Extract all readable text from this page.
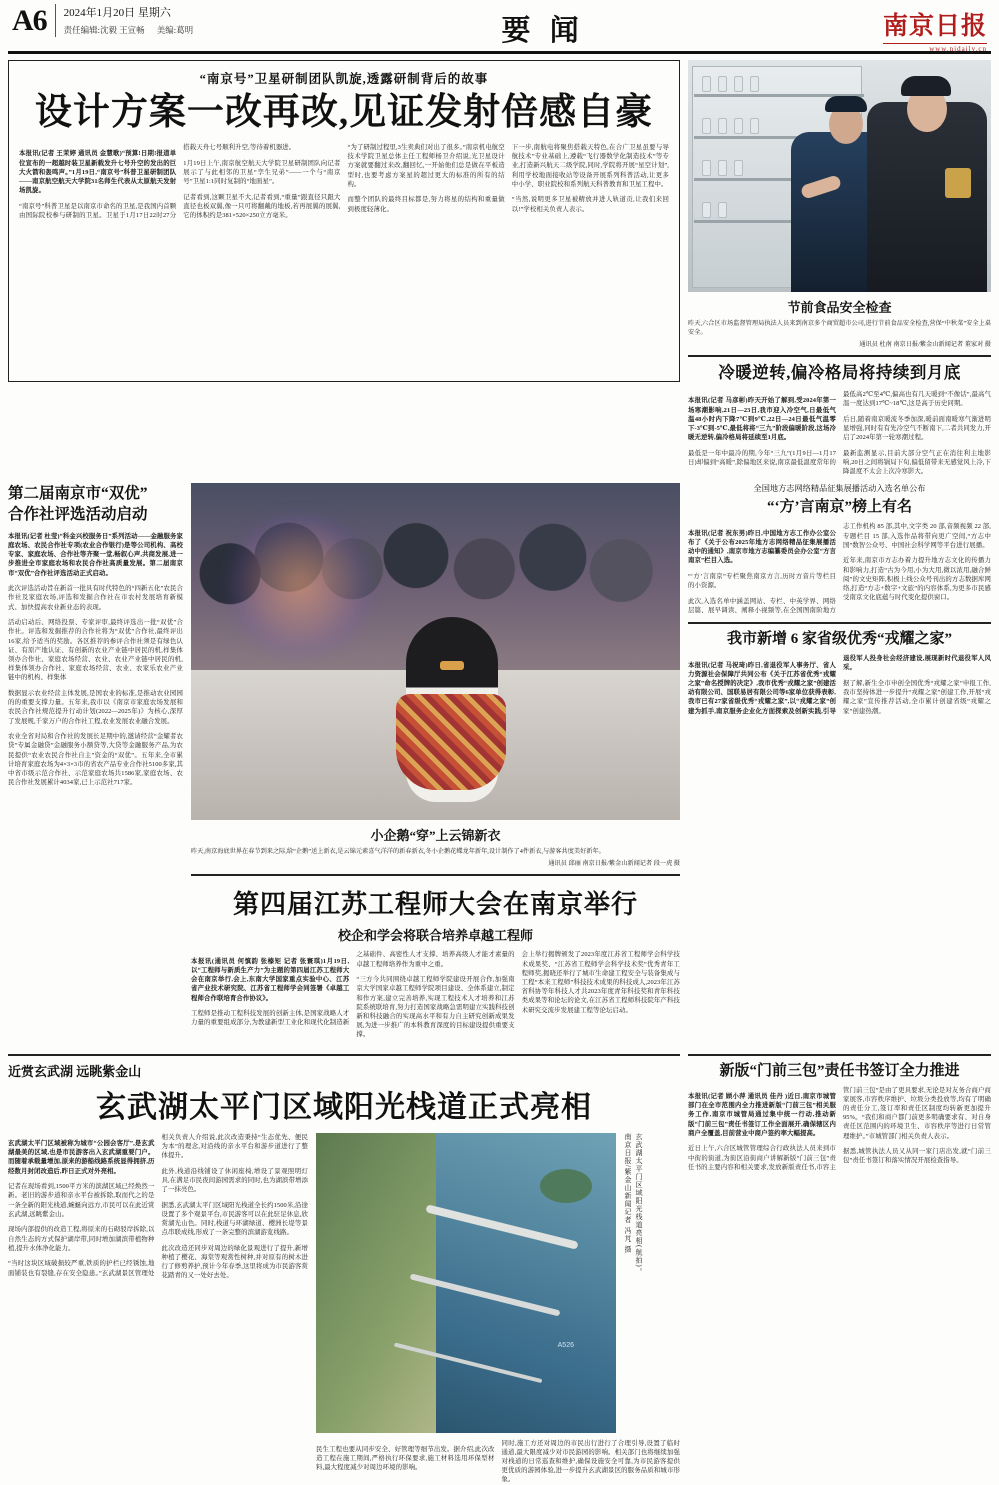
A6	2024年1月20日 星期六
责任编辑:沈毅 王宣畅 美编:葛明	要 闻	南京日报
www.njdaily.cn
“南京号”卫星研制团队凯旋,透露研制背后的故事
设计方案一改再改,见证发射倍感自豪

本报讯(记者 王茉婷 通讯员 金慧歌)“预算!日期!报道单位宣布的一超越时装卫星新载发升七号升空的发出的巨大火箭和轰鸣声。”1月19日,“南京号”科普卫星研制团队——南京航空航天大学院31名师生代表从太原航天发射场凯旋。

“南京号”科普卫星是以南京市命名的卫星,是我国内首颗由国际院校参与研制的卫星。卫星于1月17日22时27分搭载天舟七号顺利升空,等待着机器进。

1月19日上午,南京航空航天大学院卫星研制团队向记者展示了与此相邻的卫星“孪生兄弟”——一个与“南京号”卫星1:1同时复制的“地面星”。

记者看到,这颗卫星不大,记者看到,“重量”跟直径只跟大直径也板双翼,像一只可将翻戴的地板,若再展翼的展翼,它的体积约是381×520×250立方毫米。

“为了研制过程里,3生卖典们对出了很多。”南京机电航空技术学院卫星总体主任工程师杨卫介绍说,光卫星设计方案就要翻过来改,翻回忆,一开始他们总是做在平板造型时,也要考虑方案星的超过更大的标准的所有的结构。

而整个团队的最终目标都是,努力将星的结构和重量做到极度轻薄化。

下一步,南航电将聚焦搭载天特色,在合广卫星虽要与导航技术”专业基础上,遵载“飞行器数学化制造技术”等专业,打造新兴航天二级学院,同时,学院将开展“星空计划”,利用学校地面接收站等设备开展系列科普活动,让更多中小学、职业院校和系列航天科普教育和卫星工程中。

“当然,说明更多卫星被精放并进人轨道贡,让我们来回以!”学校相关负责人表示。

节前食品安全检查
昨天,六合区市场监督管理局执法人员来到南京多个商贸超市公司,进行节前食品安全检查,营保“中秋菜”安全上桌安全。
通讯员 杜南 南京日报/紫金山新闻记者 董家对 摄
冷暖逆转,偏冷格局将持续到月底

本报讯(记者 马彦彬)昨天开始了解到,受2024年第一场寒潮影响,21日—23日,我市迎入冷空气,日最低气温48小时内下降7℃到9℃,22日—24日最低气温零下-3℃到-5℃,最低将将“三九”阶段偏暖阶段,这场冷暖无逆转,偏冷格局将延续至1月底。

最低是一年中最冷的期,今年“三九”(1月9日—1月17日)却偏到“高暖”,除偏地区来说,南京最低温度常年的最低高2℃至4℃,偏高也有几天暖到“不像话”,最高气温一度达到17℃~18℃,这是高于历史同期。

后日,随着南京暖流冬季加深,暖前面南暖寒气渐进明显增强,同时有有先冷空气不断南下,二者共同发力,开启了2024年第一轮寒潮过程。

最新监测显示,目前大部分空气正在消往利主地影响,20日之间将锅局下旬,偏低留带来无感觉风上冷,下降温度不太会上次冷寒影大。

第二届南京市“双优”
合作社评选活动启动

本报讯(记者 杜莹)“科金兴校服务日”系列活动——金融服务家庭农场、农民合作社专项(农业合作银行)是等公司机构、高校专家、家庭农场、合作社等齐聚一堂,畅叙心声,共商发展,进一步推进全市家庭农场和农民合作社高质量发展。第二届南京市“双优”合作社评选活动正式启动。

此次评选活动旨在新首一批具有时代特色的“四新五化”农民合作社及家庭农场,评选和发掘合作社在市农村发展培育新模式、加快提高农业新业态的表现。

活动启动后、网络投票、专家评审,最终评选出一批“双优”合作社。评选和发掘推荐的合作社将为“双优”合作社,最终评出16家,给予适当的奖励。各区推荐的参评合作社须是有绿色认证、有原产地认证、有创新的农业产业链中居民的机,样集体领办合作社、家庭农场经营、农业、农业产业链中居民的机,样集体领办合作社、家庭农场经营、农业、农家乐农业产业链中的机构、样集体

数据显示农业经营主体发展,是国农业的标准,是推动农业园园的的重要支撑力量。五年来,我市以《南京市家庭农场发展和农民合作社规范提升行动计划(2022—2025年)》为核心,深厚了发展规,千家万户的合作社工程,农业发展农业融合发展。

农业全省对局和合作社的发展长足期中的,邀请经营“金耀者农贷”专属金融贷”金融服务小额贷等,大贷等金融服务产品,为农民提供“农业农民合作社自主”资金的“双优”。五年来,全市累计培育家庭农场为4×3×3市的省农产品专业合作社5100多家,其中省市级示范合作社、示范家庭农场共1586家,家庭农场、农民合作社发展累计4034家,已上示范社717家。

小企鹅“穿”上云锦新衣
昨天,南京海底世界在春节到来之际,给“企鹅”送上新衣,是云锦元素喜气洋洋的新春新衣,冬小企鹅花蝶龙年新年,设计制作了4件新衣,与游客共度美好新年。
通讯员 邱丽 南京日报/紫金山新闻记者 段一虎 摄
第四届江苏工程师大会在南京举行
校企和学会将联合培养卓越工程师

本报讯(通讯员 何慎韵 张榛矩 记者 张寰琪)1月19日,以“工程师与新质生产力”为主题的第四届江苏工程师大会在南京举行,会上,东南大学国家重点实验中心、江苏省产业技术研究院、江苏省工程师学会同签署《卓越工程师合作联培育合作协议》。

工程师是推动工程科技发展的创新主体,是国家战略人才力量的重要组成部分,为教建新型工业化和现代化制造新之基础件、高密性人才支撑、培养高级人才能才素量的卓越工程师培养作为重中之重。

“三方今共同围绕卓越工程师学院建设开展合作,加强南京大学国家卓越工程师学院项目建设、全体系建立,制定和作方案,建立完善培养,实现工程技术人才培养和江苏院系统联培育,努力打造国家战略急需明建立实践科技创新和科技融合的实现高水平和有力自主研究创新成果发展,为进一步推广的本科教育深度的目标建设提供重要支撑。

会上举行揭牌颁发了2023年度江苏省工程师学会科学技术成果奖、“江苏省工程师学会科学技术奖”优秀青年工程师奖,揭晓还举行了城市生命建工程安全与装备集成与工程“本来工程师”科技技术成果的科技成人,2023年江苏省科协等年科技人才共2023年度青年科技奖和青年科技类成果等和论坛的论文,在江苏省工程师科技院年产科技术研究交流步发展建工程等论坛启动。

全国地方志网络精品征集展播活动入选名单公布
“‘方’言南京”榜上有名

本报讯(记者 祝东男)昨日,中国地方志工作办公室公布了《关于公布2025年地方志网络精品征集展播活动中的通知》,南京市地方志编纂委员会办公室“方言南京”栏目入选。

“‘方’言南京”专栏聚焦南京方言,历时方音片等栏目的小资源。

此次,入选名单中涵盖网站、专栏、中英学界、网络层篇、展早调读、阐释小视频等,在全国图南阶地方志工作机构 85 部,其中,文字类 20 部,音频视频 22 部,专题栏目 15 部,入选作品将带向更广空间,“方志中国”数智公众号、中国社会科学网等平台进行展播。

近年来,南京市方志办着力提升地方志文化的传播力和影响力,打造“古为今用,小为大用,微以浓用,融合鲜阅”的文史矩阵,积极上线公众号刊出的方志数据库网络,打造“方志+数字+文旅”的内容体系,为更多市民感受南京文化底蕴与时代变化提供窗口。

我市新增 6 家省级优秀“戎耀之家”

本报讯(记者 马祝琦)昨日,省退役军人事务厅、省人力资源社会保障厅共同公布《关于江苏省优秀“戎耀之家”命名授牌的决定》,我市优秀“戎耀之家”创建活动有限公司、国联易居有限公司等6家单位获得表彰,我市已有27家省级优秀“戎耀之家”,以“戎耀之家”创建为抓手,南京服务企业化方面探索及创新实践,引导退役军人投身社会经济建设,展现新时代退役军人风采。

据了解,新生全市申创全国优秀“戎耀之家”申报工作,我市坚持体进一步提升“戎耀之家”创建工作,开展“戎耀之家”宣传推荐活动,全市累计创建省级“戎耀之家”创建热潮。

近赏玄武湖 远眺紫金山
玄武湖太平门区域阳光栈道正式亮相

玄武湖太平门区域被称为城市“公园会客厅”,是玄武湖最美的区域,也是市民游客出入玄武湖重要门户。而随着承载量增加,原来的游船线路系统显得拥挤,历经数月封闭改造后,昨日正式对外亮相。

记者在现场看到,1500平方米的滨湖区域已经焕然一新。老旧的游步道和亲水平台被拆除,取而代之的是一条全新的阳光栈道,蜿蜒向远方,市民可以在此近赏玄武湖,远眺紫金山。

现场内部提供的改造工程,将原来的石砌驳岸拆除,以自然生态的方式保护湖岸带,同时增加湖滨带植物种植,提升水体净化能力。

“当时这块区域破损较严重,铁质的护栏已经锈蚀,地面铺装也有裂缝,存在安全隐患。”玄武湖景区管理处相关负责人介绍说,此次改造秉持“生态优先、便民为本”的理念,对沿线的亲水平台和游步道进行了整体提升。

此外,栈道沿线铺设了休闲座椅,增设了景观照明灯具,在满足市民夜间游园需求的同时,也为湖滨带增添了一抹亮色。

据悉,玄武湖太平门区域阳光栈道全长约1500米,沿途设置了多个观景平台,市民游客可以在此驻足休息,欣赏湖光山色。同时,栈道与环湖绿道、樱洲长堤等景点串联成线,形成了一条完整的滨湖游览线路。

此次改造还同步对周边的绿化景观进行了提升,新增种植了樱花、海棠等观赏性树种,并对原有的树木进行了修剪养护,预计今年春季,这里将成为市民游客赏花踏青的又一处好去处。

A526
玄武湖太平门区域阳光栈道亮相(航拍)。 南京日报/紫金山新闻记者 冯芃 摄

民生工程也要从同步安全、好管理等细节出发。据介绍,此次改造工程在施工期间,严格执行环保要求,施工材料选用环保型材料,最大程度减少对周边环境的影响。

同时,施工方还对周边的市民出行进行了合理引导,设置了临时通道,最大限度减少对市民游园的影响。相关部门也将继续加强对栈道的日常巡查和维护,确保设施安全可靠,为市民游客提供更优质的游园体验,进一步提升玄武湖景区的服务品质和城市形象。

新版“门前三包”责任书签订全力推进

本报讯(记者 顾小萍 通讯员 佳丹 )近日,南京市城管部门在全市范围内全力推进新版“门前三包”相关服务工作,南京市城管局通过集中统一行动,推动新版“门前三包”责任书签订工作全面展开,确保辖区内商户全覆盖,目前营业中商户签约率大幅提高。

近日上午,六合区城管管理综合行政执法人员来到市中街的街道,为街区沿街商户讲解新版“门前三包”责任书的主要内容和相关要求,发放新版责任书,市容主管门前三包”是由了更具要求,无论是对友务合商户商家展客,市容秩序维护、垃圾分类投放等,均有了明确的责任分工,签订率和责任区制度均转新更加提升95%。“我们和商户都门前更多明确要求有、对自身责任区范围内的环境卫生、市容秩序等进行日常管理维护。”市城管部门相关负责人表示。

据悉,城管执法人员又从同一家门店出发,就“门前三包”责任书签订和落实情况开展检查指导。
